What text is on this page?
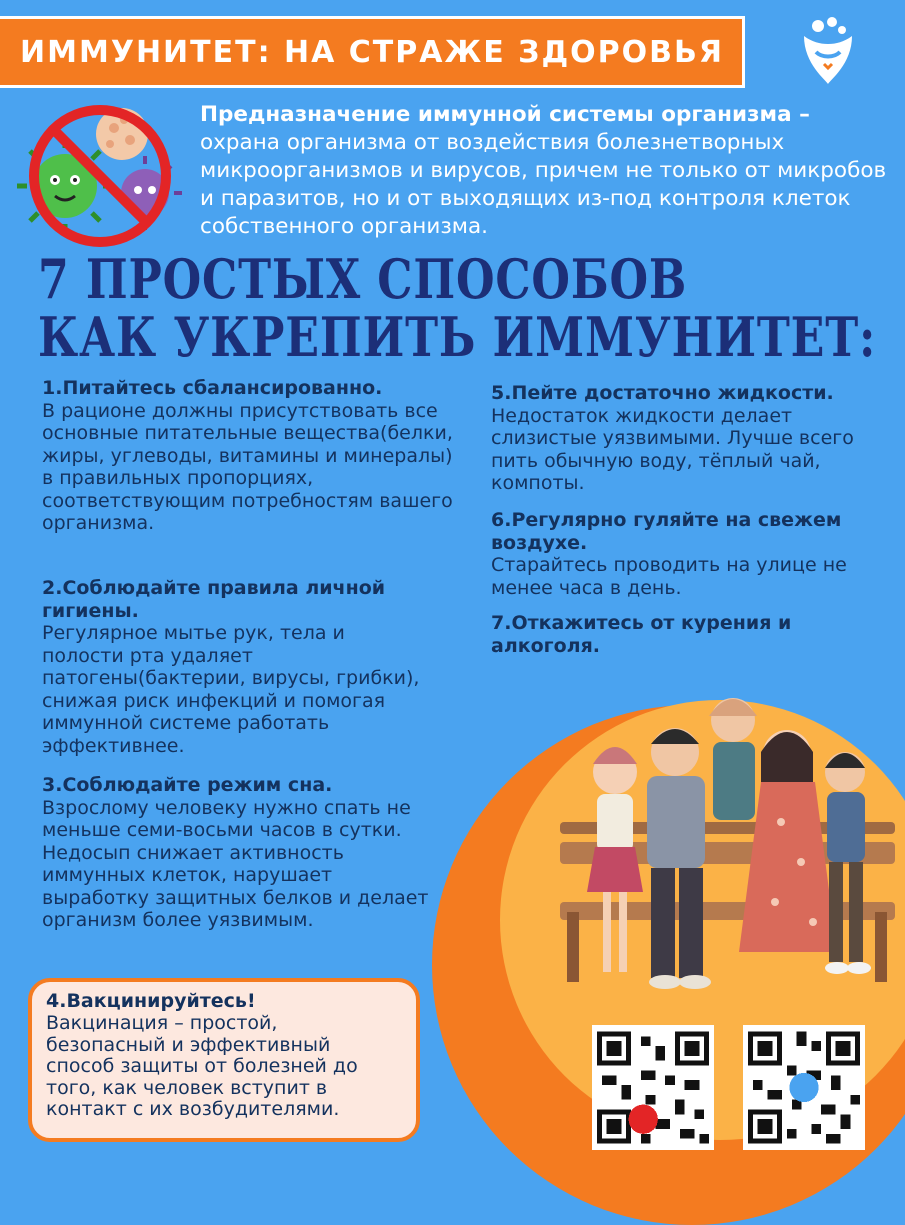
ИММУНИТЕТ: НА СТРАЖЕ ЗДОРОВЬЯ
Предназначение иммунной системы организма – охрана организма от воздействия болезнетворных микроорганизмов и вирусов, причем не только от микробов и паразитов, но и от выходящих из-под контроля клеток собственного организма.
7 ПРОСТЫХ СПОСОБОВ
КАК УКРЕПИТЬ ИММУНИТЕТ:
1.Питайтесь сбалансированно.
В рационе должны присутствовать все основные питательные вещества(белки, жиры, углеводы, витамины и минералы) в правильных пропорциях, соответствующим потребностям вашего организма.
2.Соблюдайте правила личной гигиены.
Регулярное мытье рук, тела и полости рта удаляет патогены(бактерии, вирусы, грибки), снижая риск инфекций и помогая иммунной системе работать эффективнее.
3.Соблюдайте режим сна.
Взрослому человеку нужно спать не меньше семи-восьми часов в сутки. Недосып снижает активность иммунных клеток, нарушает выработку защитных белков и делает организм более уязвимым.
4.Вакцинируйтесь!
Вакцинация – простой, безопасный и эффективный способ защиты от болезней до того, как человек вступит в контакт с их возбудителями.
5.Пейте достаточно жидкости.
Недостаток жидкости делает слизистые уязвимыми. Лучше всего пить обычную воду, тёплый чай, компоты.
6.Регулярно гуляйте на свежем воздухе.
Старайтесь проводить на улице не менее часа в день.
7.Откажитесь от курения и алкоголя.
